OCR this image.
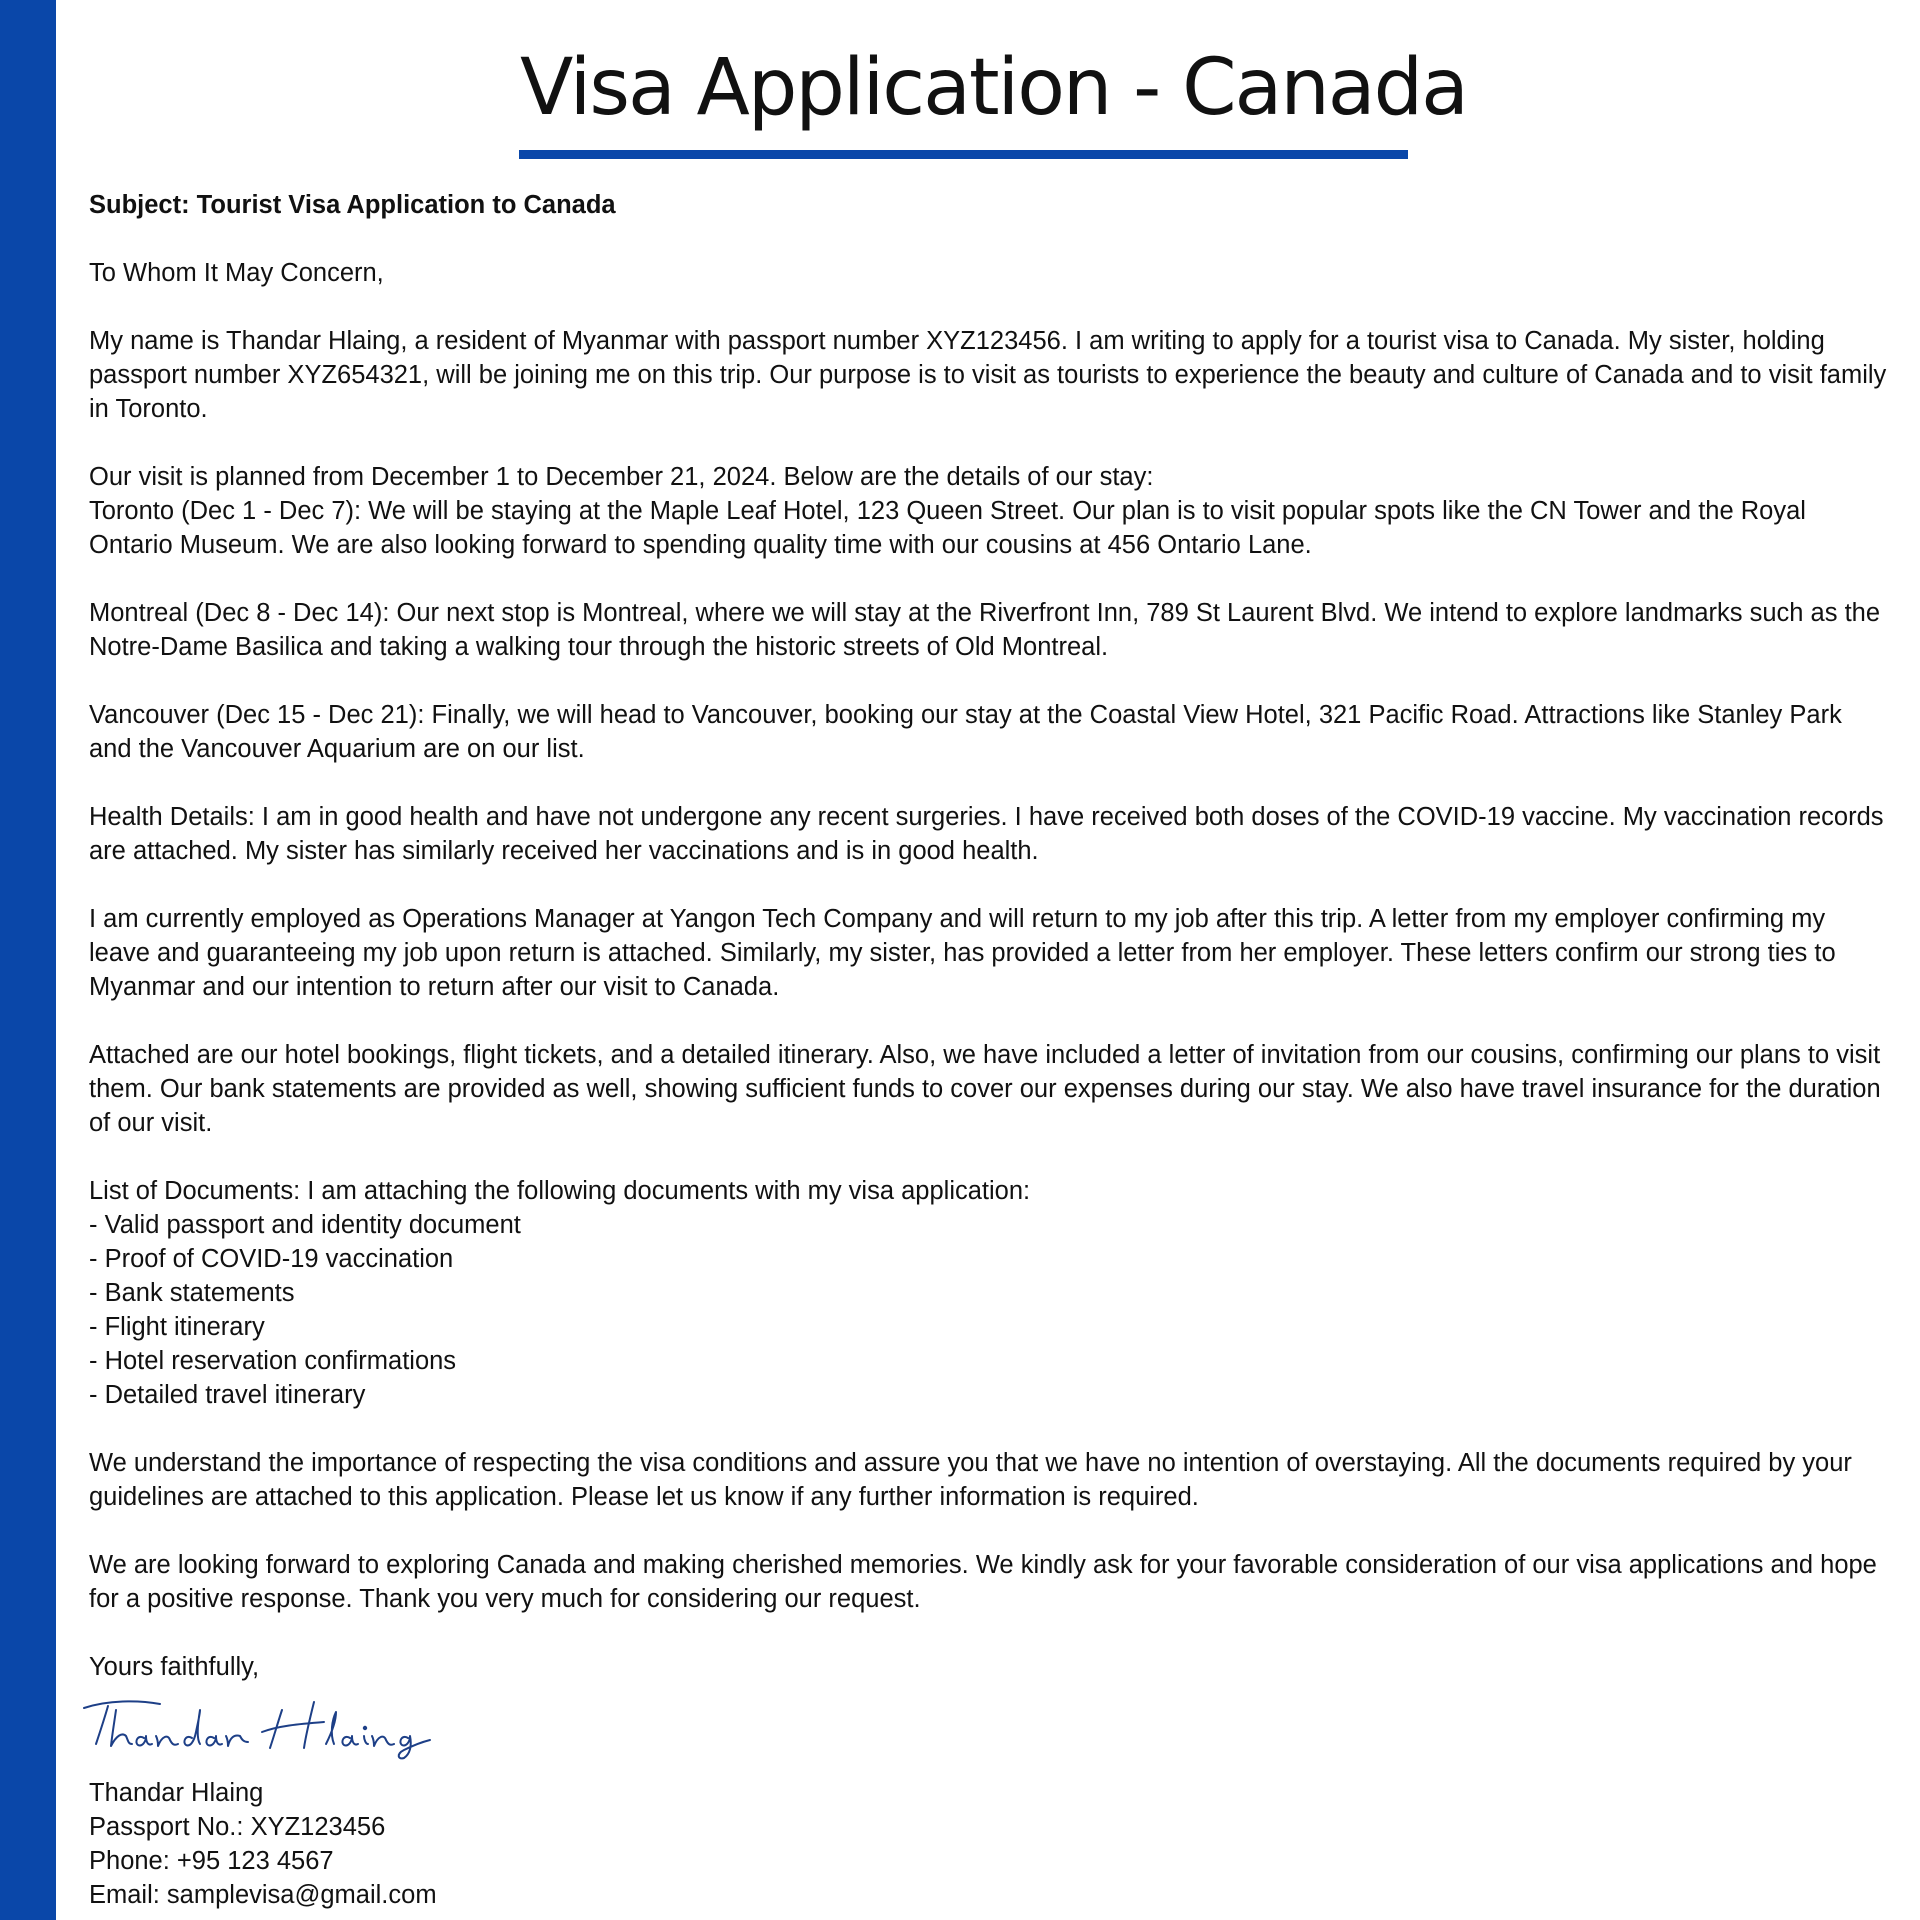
Visa Application - Canada

Subject: Tourist Visa Application to Canada

To Whom It May Concern,

My name is Thandar Hlaing, a resident of Myanmar with passport number XYZ123456. I am writing to apply for a tourist visa to Canada. My sister, holding passport number XYZ654321, will be joining me on this trip. Our purpose is to visit as tourists to experience the beauty and culture of Canada and to visit family in Toronto.

Our visit is planned from December 1 to December 21, 2024. Below are the details of our stay:
Toronto (Dec 1 - Dec 7): We will be staying at the Maple Leaf Hotel, 123 Queen Street. Our plan is to visit popular spots like the CN Tower and the Royal Ontario Museum. We are also looking forward to spending quality time with our cousins at 456 Ontario Lane.

Montreal (Dec 8 - Dec 14): Our next stop is Montreal, where we will stay at the Riverfront Inn, 789 St Laurent Blvd. We intend to explore landmarks such as the Notre-Dame Basilica and taking a walking tour through the historic streets of Old Montreal.

Vancouver (Dec 15 - Dec 21): Finally, we will head to Vancouver, booking our stay at the Coastal View Hotel, 321 Pacific Road. Attractions like Stanley Park and the Vancouver Aquarium are on our list.

Health Details: I am in good health and have not undergone any recent surgeries. I have received both doses of the COVID-19 vaccine. My vaccination records are attached. My sister has similarly received her vaccinations and is in good health.

I am currently employed as Operations Manager at Yangon Tech Company and will return to my job after this trip. A letter from my employer confirming my leave and guaranteeing my job upon return is attached. Similarly, my sister, has provided a letter from her employer. These letters confirm our strong ties to Myanmar and our intention to return after our visit to Canada.

Attached are our hotel bookings, flight tickets, and a detailed itinerary. Also, we have included a letter of invitation from our cousins, confirming our plans to visit them. Our bank statements are provided as well, showing sufficient funds to cover our expenses during our stay. We also have travel insurance for the duration of our visit.

List of Documents: I am attaching the following documents with my visa application:
- Valid passport and identity document
- Proof of COVID-19 vaccination
- Bank statements
- Flight itinerary
- Hotel reservation confirmations
- Detailed travel itinerary

We understand the importance of respecting the visa conditions and assure you that we have no intention of overstaying. All the documents required by your guidelines are attached to this application. Please let us know if any further information is required.

We are looking forward to exploring Canada and making cherished memories. We kindly ask for your favorable consideration of our visa applications and hope for a positive response. Thank you very much for considering our request.

Yours faithfully,

Thandar Hlaing
Passport No.: XYZ123456
Phone: +95 123 4567
Email: samplevisa@gmail.com
